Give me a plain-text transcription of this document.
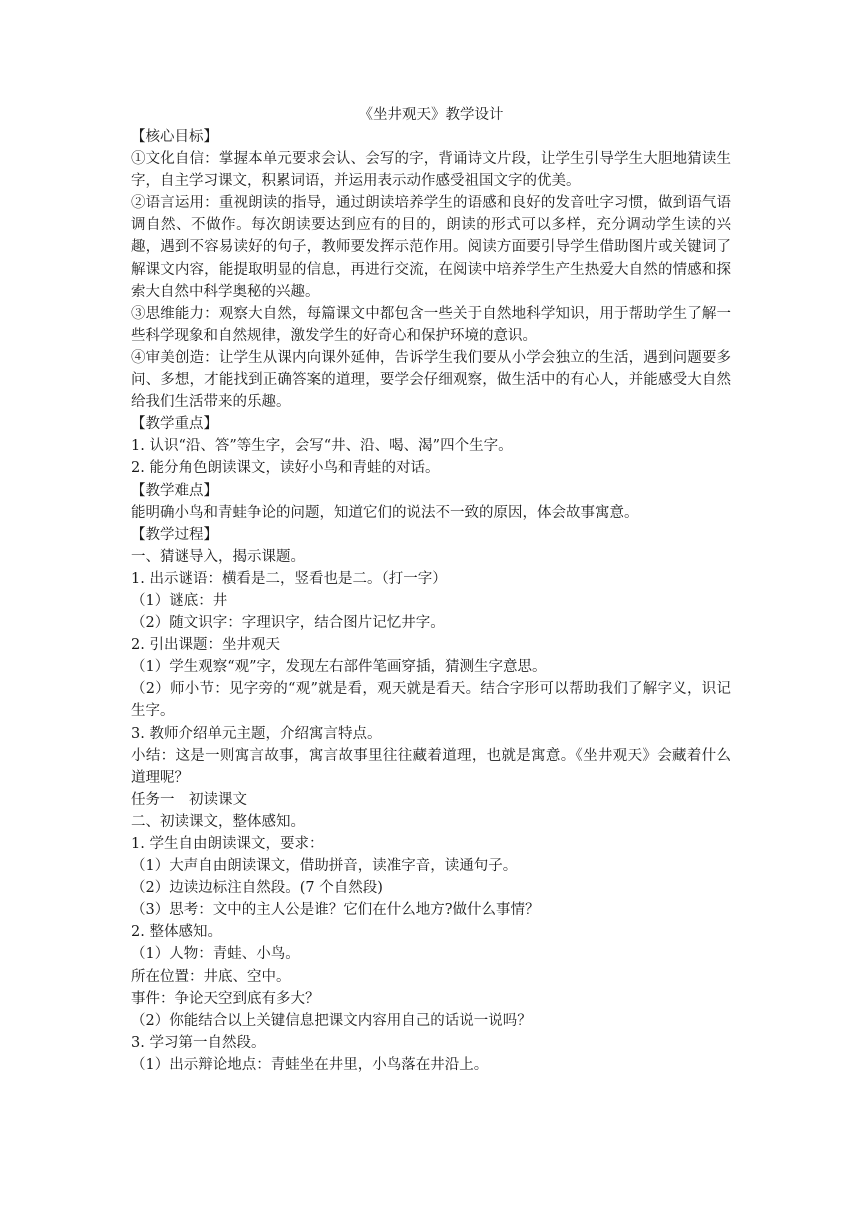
《坐井观天》教学设计

【核心目标】

①文化自信：掌握本单元要求会认、会写的字，背诵诗文片段，让学生引导学生大胆地猜读生字，自主学习课文，积累词语，并运用表示动作感受祖国文字的优美。

②语言运用：重视朗读的指导，通过朗读培养学生的语感和良好的发音吐字习惯，做到语气语调自然、不做作。每次朗读要达到应有的目的，朗读的形式可以多样，充分调动学生读的兴趣，遇到不容易读好的句子，教师要发挥示范作用。阅读方面要引导学生借助图片或关键词了解课文内容，能提取明显的信息，再进行交流，在阅读中培养学生产生热爱大自然的情感和探索大自然中科学奥秘的兴趣。

③思维能力：观察大自然，每篇课文中都包含一些关于自然地科学知识，用于帮助学生了解一些科学现象和自然规律，激发学生的好奇心和保护环境的意识。

④审美创造：让学生从课内向课外延伸，告诉学生我们要从小学会独立的生活，遇到问题要多问、多想，才能找到正确答案的道理，要学会仔细观察，做生活中的有心人，并能感受大自然给我们生活带来的乐趣。

【教学重点】

1. 认识“沿、答”等生字，会写“井、沿、喝、渴”四个生字。

2. 能分角色朗读课文，读好小鸟和青蛙的对话。

【教学难点】

能明确小鸟和青蛙争论的问题，知道它们的说法不一致的原因，体会故事寓意。

【教学过程】

一、猜谜导入，揭示课题。

1. 出示谜语：横看是二，竖看也是二。（打一字）

（1）谜底：井

（2）随文识字：字理识字，结合图片记忆井字。

2. 引出课题：坐井观天

（1）学生观察“观”字，发现左右部件笔画穿插，猜测生字意思。

（2）师小节：见字旁的“观”就是看，观天就是看天。结合字形可以帮助我们了解字义，识记生字。

3. 教师介绍单元主题，介绍寓言特点。

小结：这是一则寓言故事，寓言故事里往往藏着道理，也就是寓意。《坐井观天》会藏着什么道理呢？

任务一　初读课文

二、初读课文，整体感知。

1. 学生自由朗读课文，要求：

（1）大声自由朗读课文，借助拼音，读准字音，读通句子。

（2）边读边标注自然段。(7 个自然段)

（3）思考：文中的主人公是谁？它们在什么地方?做什么事情？

2. 整体感知。

（1）人物：青蛙、小鸟。

所在位置：井底、空中。

事件：争论天空到底有多大？

（2）你能结合以上关键信息把课文内容用自己的话说一说吗？

3. 学习第一自然段。

（1）出示辩论地点：青蛙坐在井里，小鸟落在井沿上。
